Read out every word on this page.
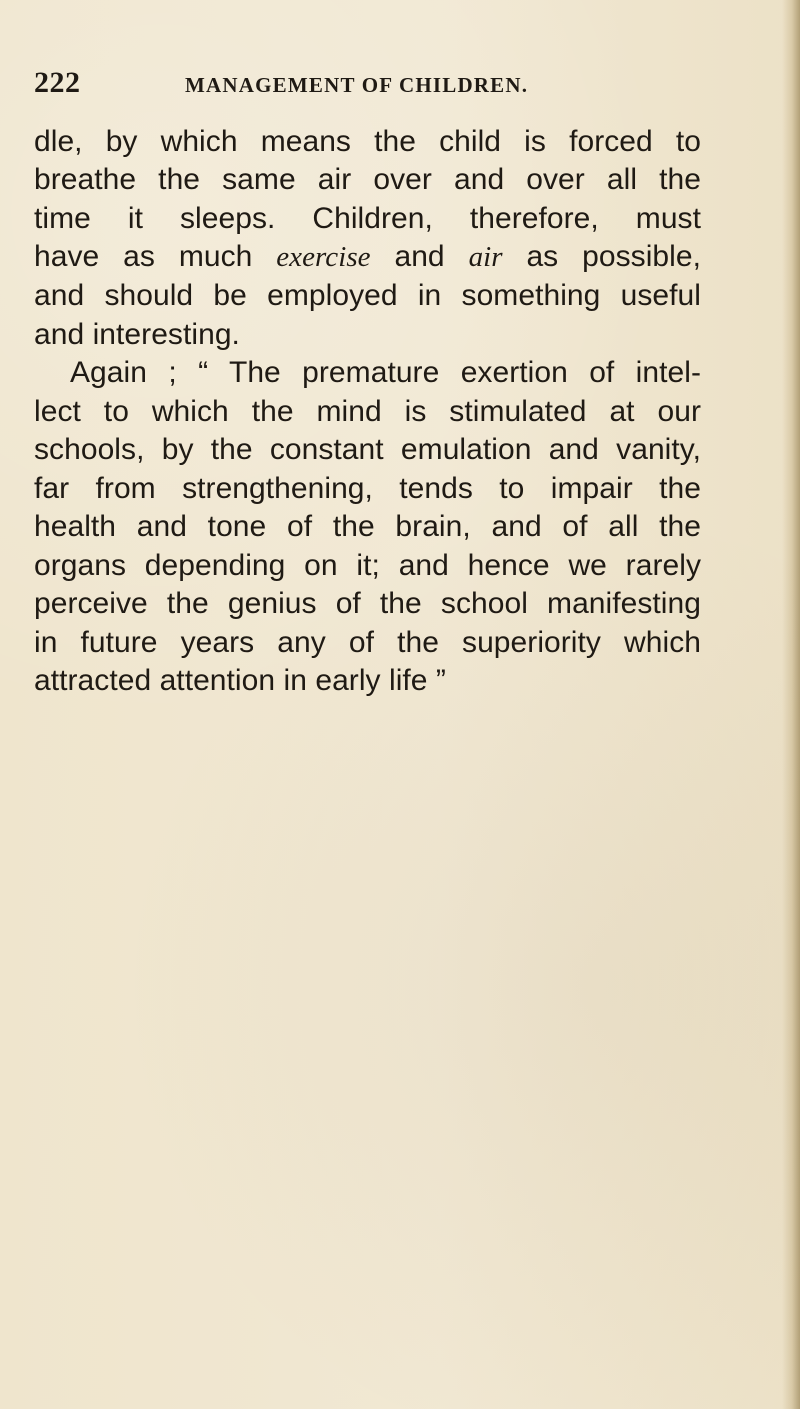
222	MANAGEMENT OF CHILDREN.
dle, by which means the child is forced to
breathe the same air over and over all the
time it sleeps. Children, therefore, must
have as much exercise and air as possible,
and should be employed in something useful
and interesting.
Again ; “ The premature exertion of intel-
lect to which the mind is stimulated at our
schools, by the constant emulation and vanity,
far from strengthening, tends to impair the
health and tone of the brain, and of all the
organs depending on it; and hence we rarely
perceive the genius of the school manifesting
in future years any of the superiority which
attracted attention in early life ”
